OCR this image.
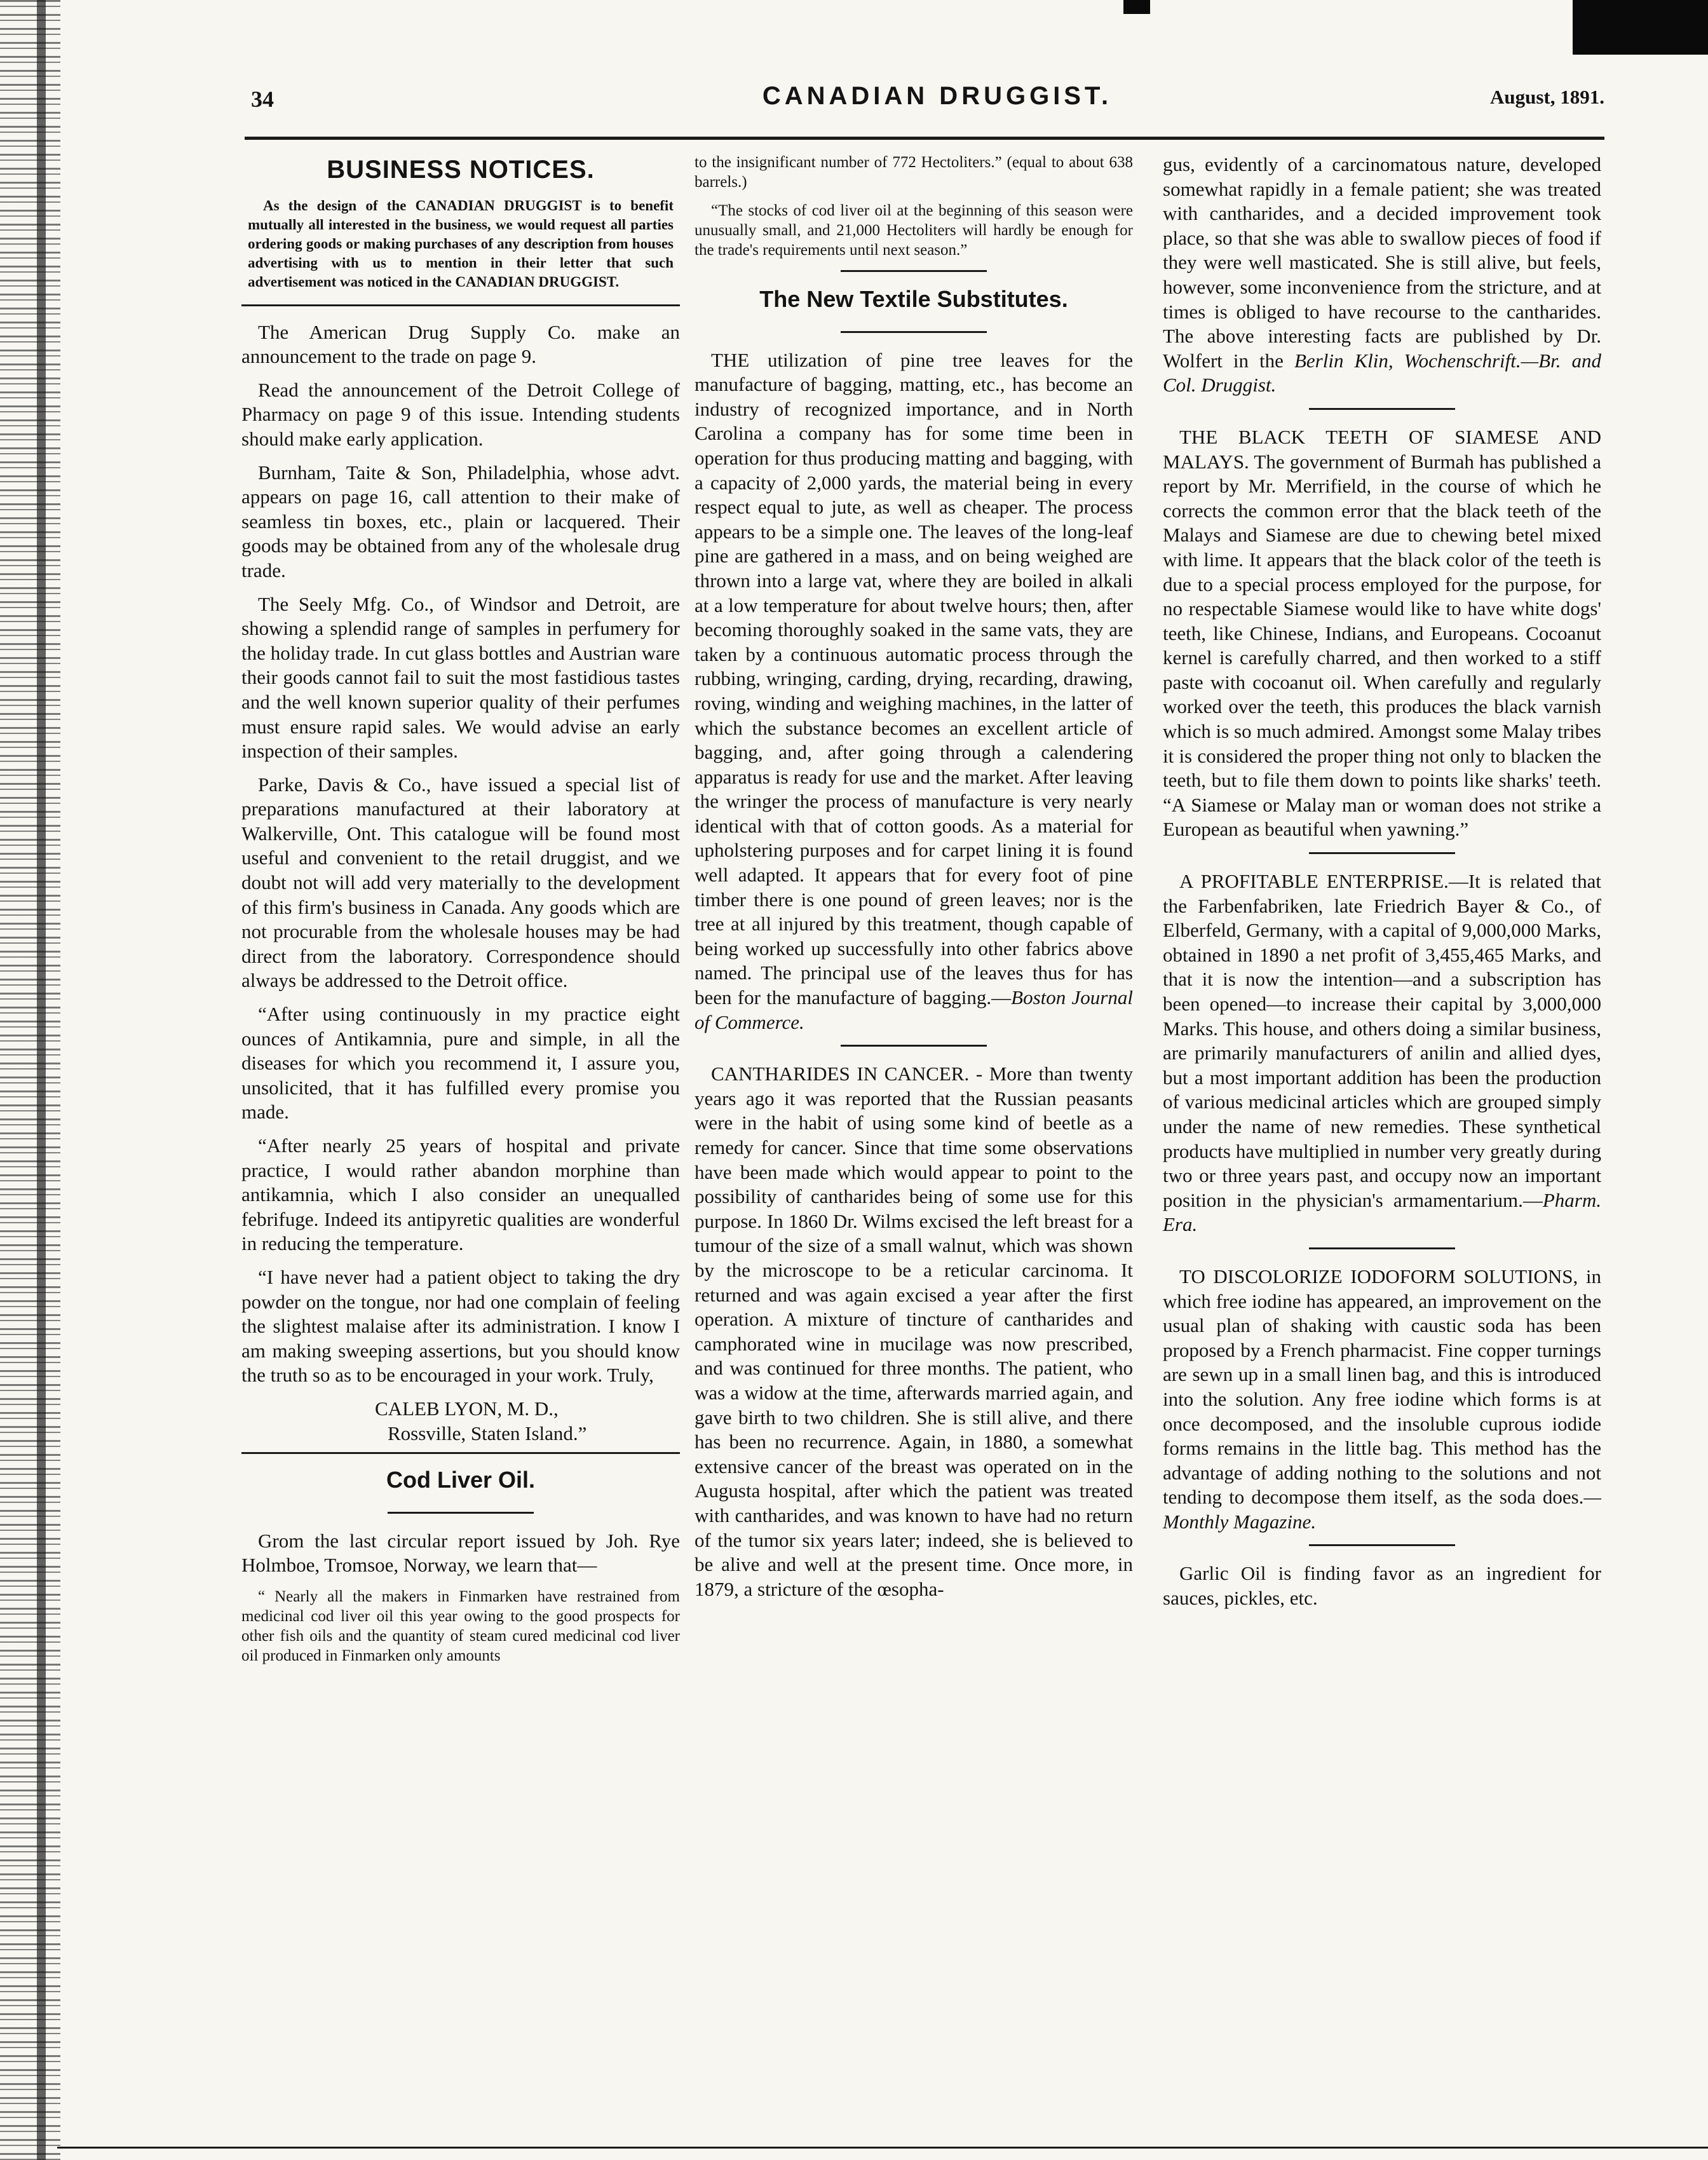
34	CANADIAN DRUGGIST.	August, 1891.
BUSINESS NOTICES.
As the design of the CANADIAN DRUGGIST is to benefit mutually all interested in the business, we would request all parties ordering goods or making purchases of any description from houses advertising with us to mention in their letter that such advertisement was noticed in the CANADIAN DRUGGIST.

The American Drug Supply Co. make an announcement to the trade on page 9.

Read the announcement of the Detroit College of Pharmacy on page 9 of this issue. Intending students should make early application.

Burnham, Taite & Son, Philadelphia, whose advt. appears on page 16, call attention to their make of seamless tin boxes, etc., plain or lacquered. Their goods may be obtained from any of the wholesale drug trade.

The Seely Mfg. Co., of Windsor and Detroit, are showing a splendid range of samples in perfumery for the holiday trade. In cut glass bottles and Austrian ware their goods cannot fail to suit the most fastidious tastes and the well known superior quality of their perfumes must ensure rapid sales. We would advise an early inspection of their samples.

Parke, Davis & Co., have issued a special list of preparations manufactured at their laboratory at Walkerville, Ont. This catalogue will be found most useful and convenient to the retail druggist, and we doubt not will add very materially to the development of this firm's business in Canada. Any goods which are not procurable from the wholesale houses may be had direct from the laboratory. Correspondence should always be addressed to the Detroit office.

“After using continuously in my practice eight ounces of Antikamnia, pure and simple, in all the diseases for which you recommend it, I assure you, unsolicited, that it has fulfilled every promise you made.

“After nearly 25 years of hospital and private practice, I would rather abandon morphine than antikamnia, which I also consider an unequalled febrifuge. Indeed its antipyretic qualities are wonderful in reducing the temperature.

“I have never had a patient object to taking the dry powder on the tongue, nor had one complain of feeling the slightest malaise after its administration. I know I am making sweeping assertions, but you should know the truth so as to be encouraged in your work. Truly,

CALEB LYON, M. D.,

Rossville, Staten Island.”

Cod Liver Oil.

Grom the last circular report issued by Joh. Rye Holmboe, Tromsoe, Norway, we learn that—

“ Nearly all the makers in Finmarken have restrained from medicinal cod liver oil this year owing to the good prospects for other fish oils and the quantity of steam cured medicinal cod liver oil produced in Finmarken only amounts

to the insignificant number of 772 Hectoliters.” (equal to about 638 barrels.)

“The stocks of cod liver oil at the beginning of this season were unusually small, and 21,000 Hectoliters will hardly be enough for the trade's requirements until next season.”

The New Textile Substitutes.

THE utilization of pine tree leaves for the manufacture of bagging, matting, etc., has become an industry of recognized importance, and in North Carolina a company has for some time been in operation for thus producing matting and bagging, with a capacity of 2,000 yards, the material being in every respect equal to jute, as well as cheaper. The process appears to be a simple one. The leaves of the long-leaf pine are gathered in a mass, and on being weighed are thrown into a large vat, where they are boiled in alkali at a low temperature for about twelve hours; then, after becoming thoroughly soaked in the same vats, they are taken by a continuous automatic process through the rubbing, wringing, carding, drying, recarding, drawing, roving, winding and weighing machines, in the latter of which the substance becomes an excellent article of bagging, and, after going through a calendering apparatus is ready for use and the market. After leaving the wringer the process of manufacture is very nearly identical with that of cotton goods. As a material for upholstering purposes and for carpet lining it is found well adapted. It appears that for every foot of pine timber there is one pound of green leaves; nor is the tree at all injured by this treatment, though capable of being worked up successfully into other fabrics above named. The principal use of the leaves thus for has been for the manufacture of bagging.—Boston Journal of Commerce.

CANTHARIDES IN CANCER. - More than twenty years ago it was reported that the Russian peasants were in the habit of using some kind of beetle as a remedy for cancer. Since that time some observations have been made which would appear to point to the possibility of cantharides being of some use for this purpose. In 1860 Dr. Wilms excised the left breast for a tumour of the size of a small walnut, which was shown by the microscope to be a reticular carcinoma. It returned and was again excised a year after the first operation. A mixture of tincture of cantharides and camphorated wine in mucilage was now prescribed, and was continued for three months. The patient, who was a widow at the time, afterwards married again, and gave birth to two children. She is still alive, and there has been no recurrence. Again, in 1880, a somewhat extensive cancer of the breast was operated on in the Augusta hospital, after which the patient was treated with cantharides, and was known to have had no return of the tumor six years later; indeed, she is believed to be alive and well at the present time. Once more, in 1879, a stricture of the œsopha-

gus, evidently of a carcinomatous nature, developed somewhat rapidly in a female patient; she was treated with cantharides, and a decided improvement took place, so that she was able to swallow pieces of food if they were well masticated. She is still alive, but feels, however, some inconvenience from the stricture, and at times is obliged to have recourse to the cantharides. The above interesting facts are published by Dr. Wolfert in the Berlin Klin, Wochenschrift.—Br. and Col. Druggist.

THE BLACK TEETH OF SIAMESE AND MALAYS. The government of Burmah has published a report by Mr. Merrifield, in the course of which he corrects the common error that the black teeth of the Malays and Siamese are due to chewing betel mixed with lime. It appears that the black color of the teeth is due to a special process employed for the purpose, for no respectable Siamese would like to have white dogs' teeth, like Chinese, Indians, and Europeans. Cocoanut kernel is carefully charred, and then worked to a stiff paste with cocoanut oil. When carefully and regularly worked over the teeth, this produces the black varnish which is so much admired. Amongst some Malay tribes it is considered the proper thing not only to blacken the teeth, but to file them down to points like sharks' teeth. “A Siamese or Malay man or woman does not strike a European as beautiful when yawning.”

A PROFITABLE ENTERPRISE.—It is related that the Farbenfabriken, late Friedrich Bayer & Co., of Elberfeld, Germany, with a capital of 9,000,000 Marks, obtained in 1890 a net profit of 3,455,465 Marks, and that it is now the intention—and a subscription has been opened—to increase their capital by 3,000,000 Marks. This house, and others doing a similar business, are primarily manufacturers of anilin and allied dyes, but a most important addition has been the production of various medicinal articles which are grouped simply under the name of new remedies. These synthetical products have multiplied in number very greatly during two or three years past, and occupy now an important position in the physician's armamentarium.—Pharm. Era.

TO DISCOLORIZE IODOFORM SOLUTIONS, in which free iodine has appeared, an improvement on the usual plan of shaking with caustic soda has been proposed by a French pharmacist. Fine copper turnings are sewn up in a small linen bag, and this is introduced into the solution. Any free iodine which forms is at once decomposed, and the insoluble cuprous iodide forms remains in the little bag. This method has the advantage of adding nothing to the solutions and not tending to decompose them itself, as the soda does.—Monthly Magazine.

Garlic Oil is finding favor as an ingredient for sauces, pickles, etc.
